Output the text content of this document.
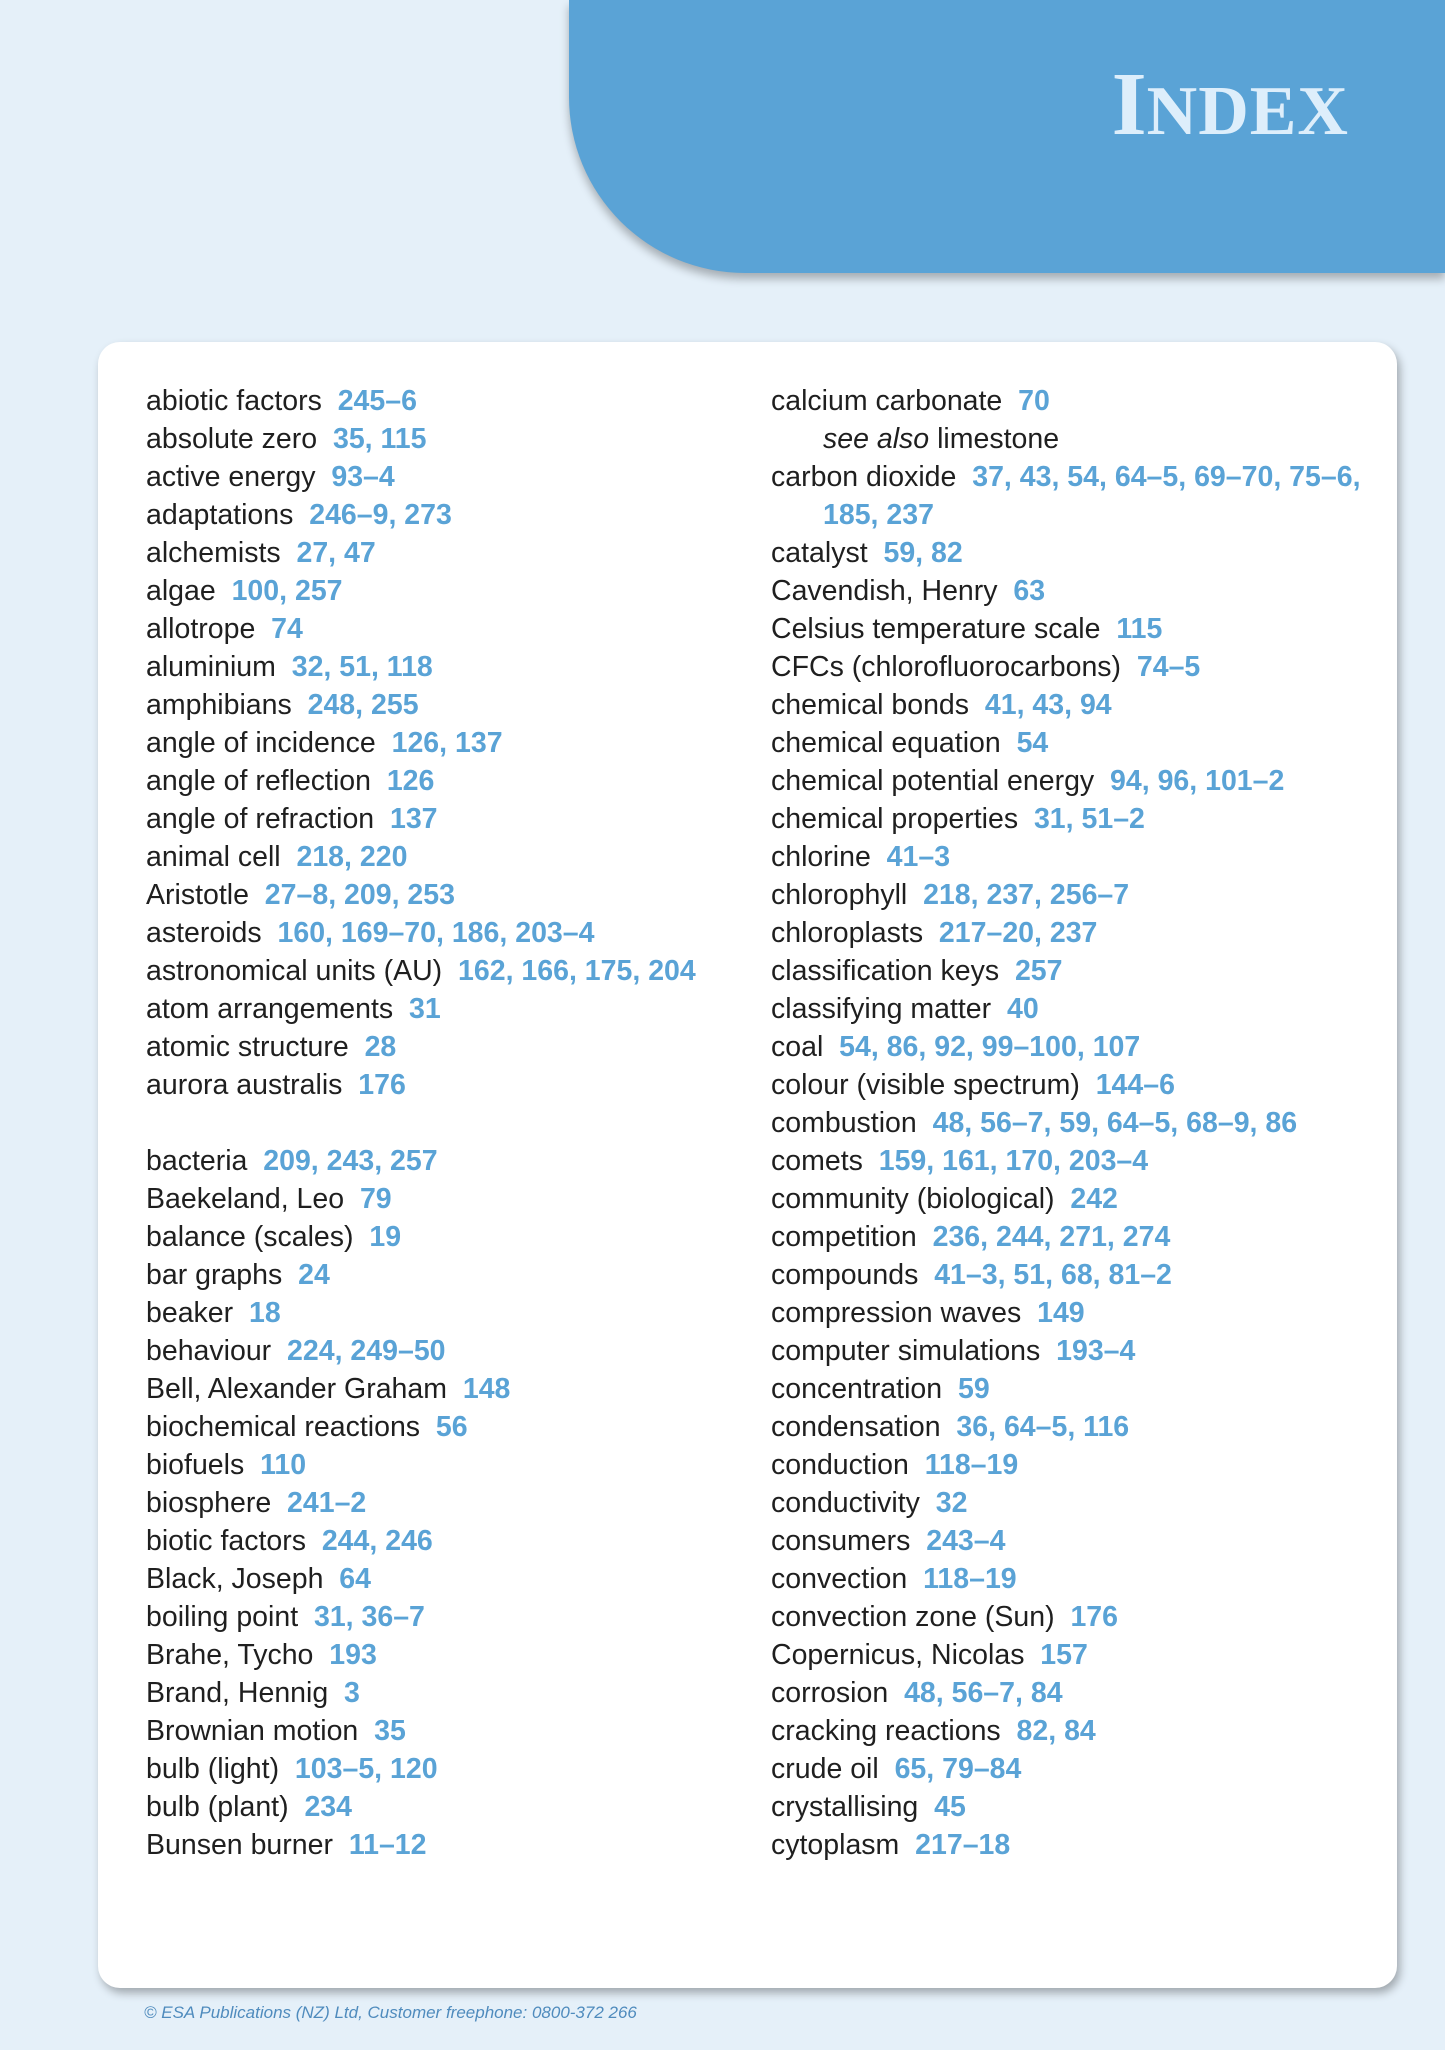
INDEX
abiotic factors 245–6
absolute zero 35, 115
active energy 93–4
adaptations 246–9, 273
alchemists 27, 47
algae 100, 257
allotrope 74
aluminium 32, 51, 118
amphibians 248, 255
angle of incidence 126, 137
angle of reflection 126
angle of refraction 137
animal cell 218, 220
Aristotle 27–8, 209, 253
asteroids 160, 169–70, 186, 203–4
astronomical units (AU) 162, 166, 175, 204
atom arrangements 31
atomic structure 28
aurora australis 176
bacteria 209, 243, 257
Baekeland, Leo 79
balance (scales) 19
bar graphs 24
beaker 18
behaviour 224, 249–50
Bell, Alexander Graham 148
biochemical reactions 56
biofuels 110
biosphere 241–2
biotic factors 244, 246
Black, Joseph 64
boiling point 31, 36–7
Brahe, Tycho 193
Brand, Hennig 3
Brownian motion 35
bulb (light) 103–5, 120
bulb (plant) 234
Bunsen burner 11–12
calcium carbonate 70
see also limestone
carbon dioxide 37, 43, 54, 64–5, 69–70, 75–6, 185, 237
catalyst 59, 82
Cavendish, Henry 63
Celsius temperature scale 115
CFCs (chlorofluorocarbons) 74–5
chemical bonds 41, 43, 94
chemical equation 54
chemical potential energy 94, 96, 101–2
chemical properties 31, 51–2
chlorine 41–3
chlorophyll 218, 237, 256–7
chloroplasts 217–20, 237
classification keys 257
classifying matter 40
coal 54, 86, 92, 99–100, 107
colour (visible spectrum) 144–6
combustion 48, 56–7, 59, 64–5, 68–9, 86
comets 159, 161, 170, 203–4
community (biological) 242
competition 236, 244, 271, 274
compounds 41–3, 51, 68, 81–2
compression waves 149
computer simulations 193–4
concentration 59
condensation 36, 64–5, 116
conduction 118–19
conductivity 32
consumers 243–4
convection 118–19
convection zone (Sun) 176
Copernicus, Nicolas 157
corrosion 48, 56–7, 84
cracking reactions 82, 84
crude oil 65, 79–84
crystallising 45
cytoplasm 217–18
© ESA Publications (NZ) Ltd, Customer freephone: 0800-372 266
